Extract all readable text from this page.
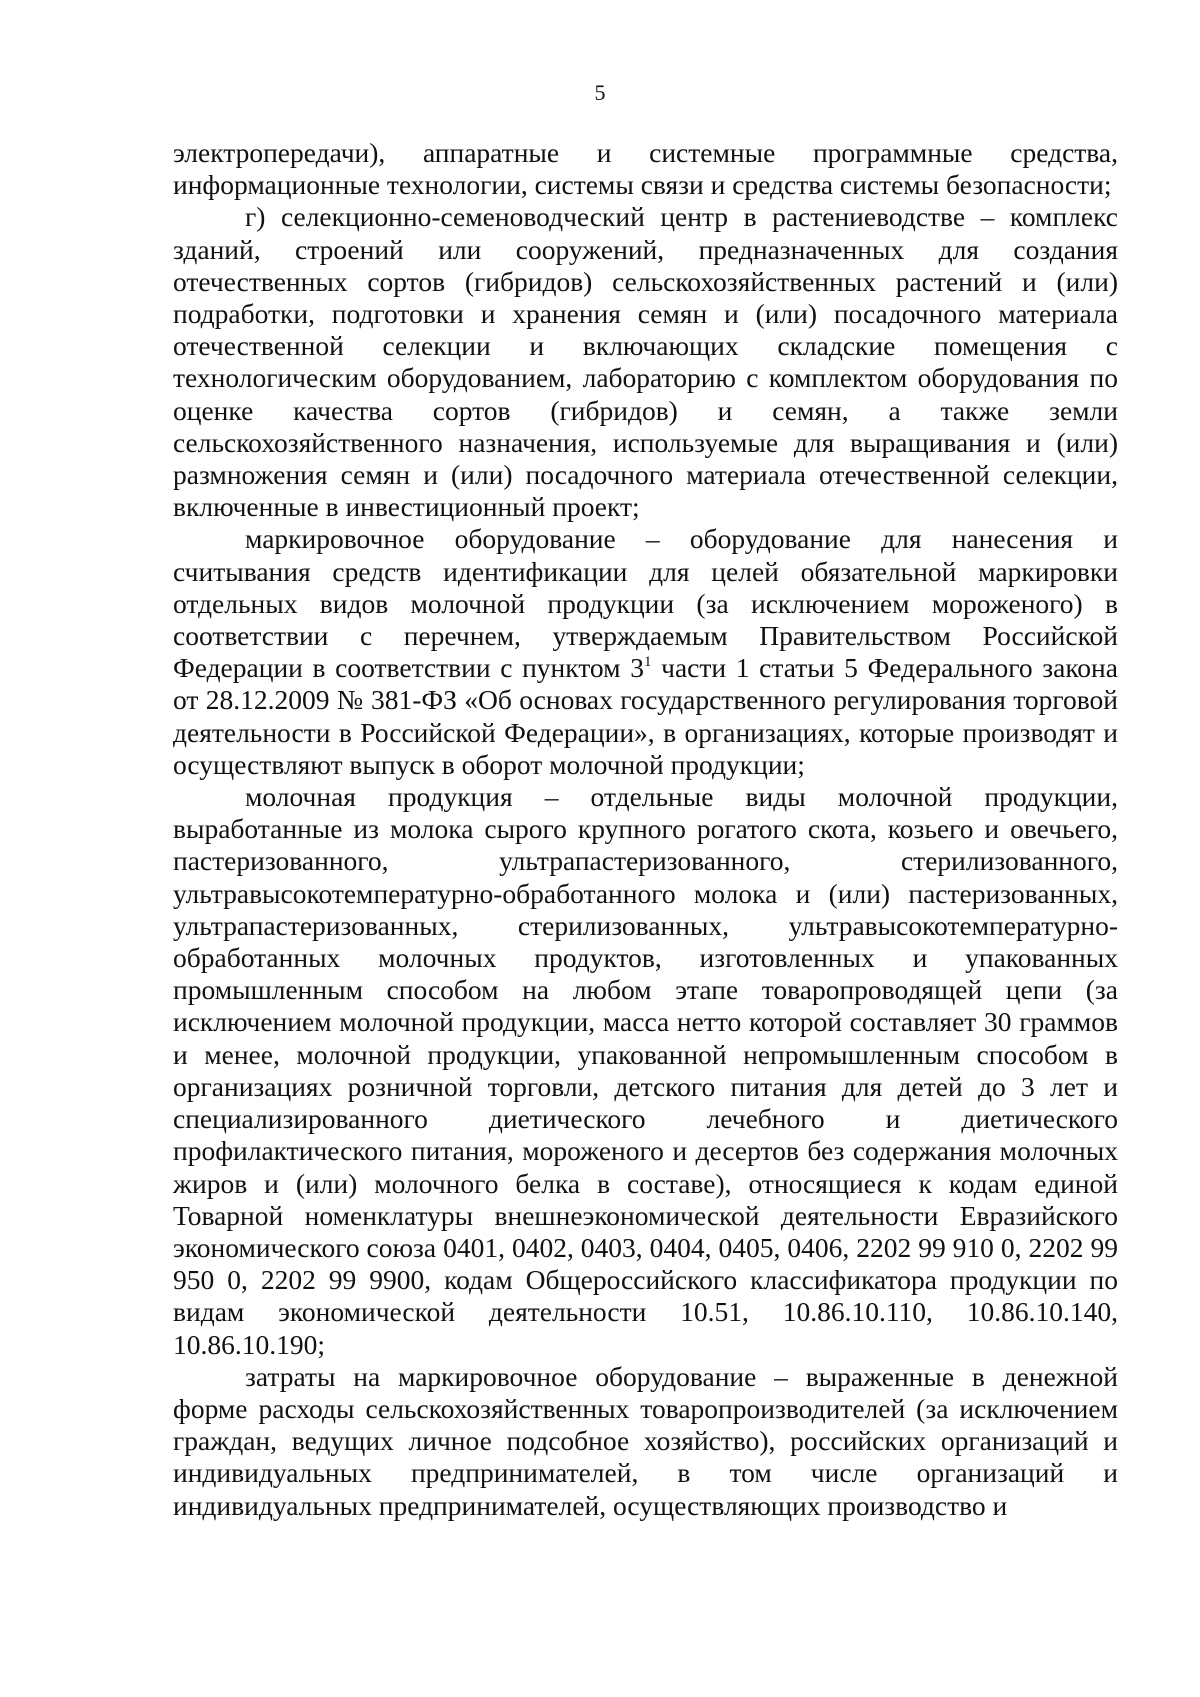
5

электропередачи), аппаратные и системные программные средства, информационные технологии, системы связи и средства системы безопасности;

г) селекционно-семеноводческий центр в растениеводстве – комплекс зданий, строений или сооружений, предназначенных для создания отечественных сортов (гибридов) сельскохозяйственных растений и (или) подработки, подготовки и хранения семян и (или) посадочного материала отечественной селекции и включающих складские помещения с технологическим оборудованием, лабораторию с комплектом оборудования по оценке качества сортов (гибридов) и семян, а также земли сельскохозяйственного назначения, используемые для выращивания и (или) размножения семян и (или) посадочного материала отечественной селекции, включенные в инвестиционный проект;

маркировочное оборудование – оборудование для нанесения и считывания средств идентификации для целей обязательной маркировки отдельных видов молочной продукции (за исключением мороженого) в соответствии с перечнем, утверждаемым Правительством Российской Федерации в соответствии с пунктом $3^1$ части 1 статьи 5 Федерального закона от 28.12.2009 № 381-ФЗ «Об основах государственного регулирования торговой деятельности в Российской Федерации», в организациях, которые производят и осуществляют выпуск в оборот молочной продукции;

молочная продукция – отдельные виды молочной продукции, выработанные из молока сырого крупного рогатого скота, козьего и овечьего, пастеризованного, ультрапастеризованного, стерилизованного, ультравысокотемпературно-обработанного молока и (или) пастеризованных, ультрапастеризованных, стерилизованных, ультравысокотемпературно-обработанных молочных продуктов, изготовленных и упакованных промышленным способом на любом этапе товаропроводящей цепи (за исключением молочной продукции, масса нетто которой составляет 30 граммов и менее, молочной продукции, упакованной непромышленным способом в организациях розничной торговли, детского питания для детей до 3 лет и специализированного диетического лечебного и диетического профилактического питания, мороженого и десертов без содержания молочных жиров и (или) молочного белка в составе), относящиеся к кодам единой Товарной номенклатуры внешнеэкономической деятельности Евразийского экономического союза 0401, 0402, 0403, 0404, 0405, 0406, 2202 99 910 0, 2202 99 950 0, 2202 99 9900, кодам Общероссийского классификатора продукции по видам экономической деятельности 10.51, 10.86.10.110, 10.86.10.140, 10.86.10.190;

затраты на маркировочное оборудование – выраженные в денежной форме расходы сельскохозяйственных товаропроизводителей (за исключением граждан, ведущих личное подсобное хозяйство), российских организаций и индивидуальных предпринимателей, в том числе организаций и индивидуальных предпринимателей, осуществляющих производство и
